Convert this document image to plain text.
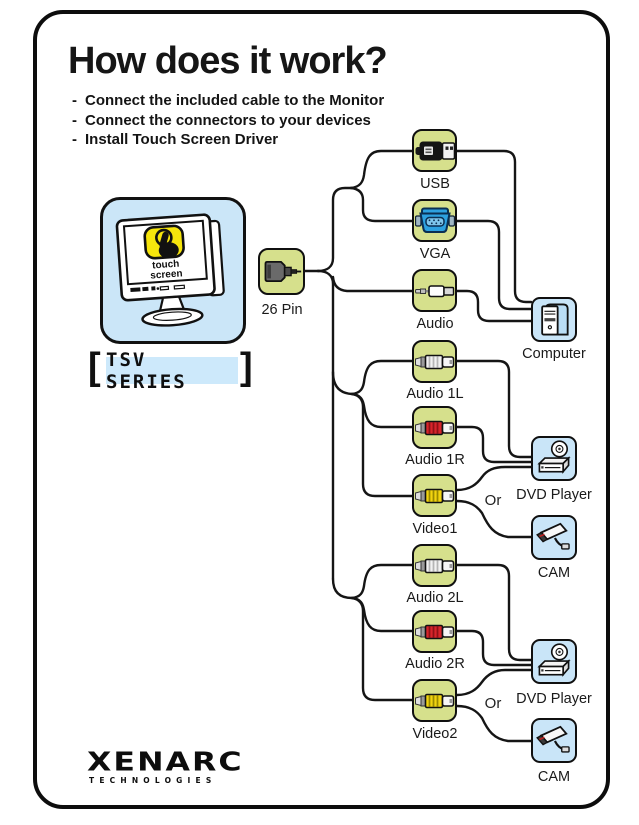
How does it work?
- Connect the included cable to the Monitor
- Connect the connectors to your devices
- Install Touch Screen Driver
touch
screen
[ TSV SERIES	]
26 Pin
USB
VGA
Audio
Audio 1L
Audio 1R
Video1
Audio 2L
Audio 2R
Video2
Computer
DVD Player
CAM
DVD Player
CAM
Or
Or
XENARC
TECHNOLOGIES
